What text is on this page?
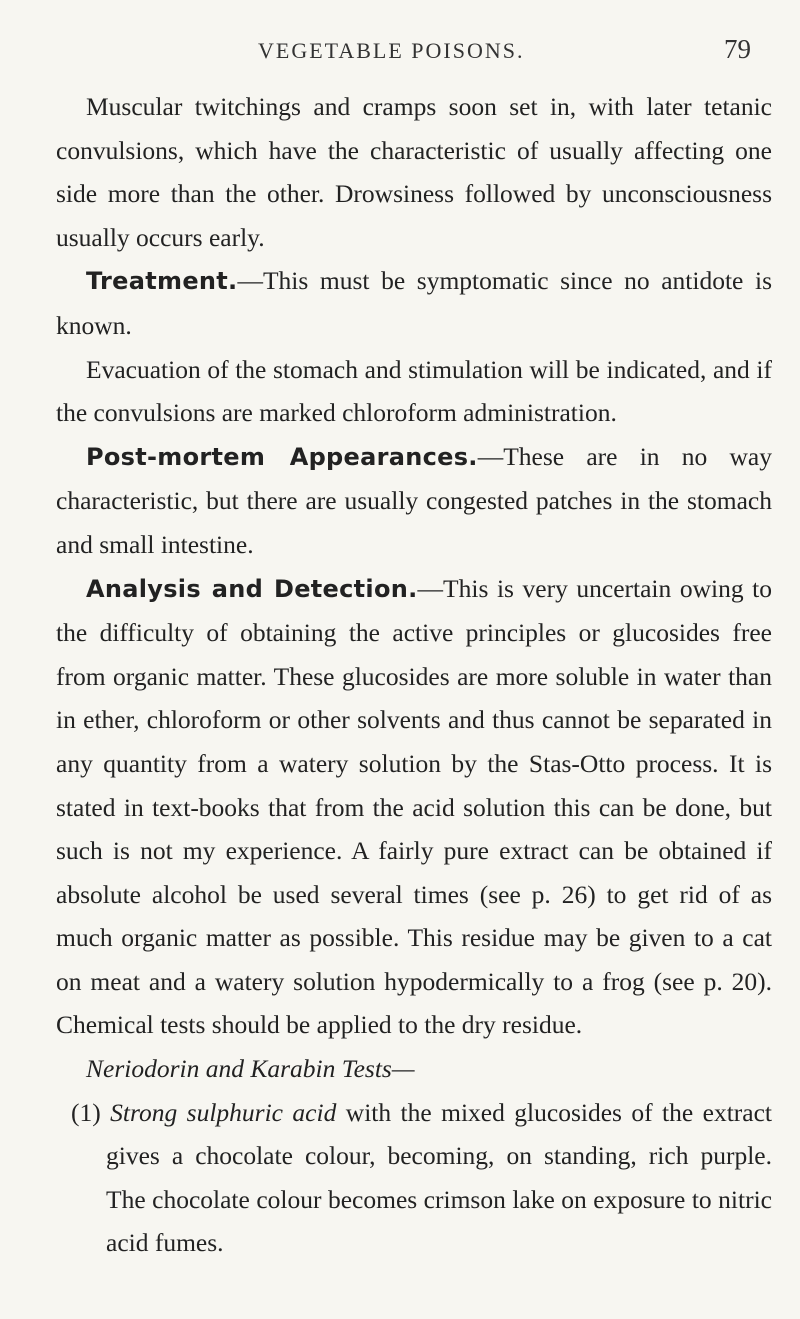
VEGETABLE POISONS.	79

Muscular twitchings and cramps soon set in, with later tetanic convulsions, which have the characteristic of usually affecting one side more than the other. Drowsiness followed by unconsciousness usually occurs early.

Treatment.—This must be symptomatic since no antidote is known.

Evacuation of the stomach and stimulation will be indicated, and if the convulsions are marked chloroform administration.

Post-mortem Appearances.—These are in no way characteristic, but there are usually congested patches in the stomach and small intestine.

Analysis and Detection.—This is very uncertain owing to the difficulty of obtaining the active principles or glucosides free from organic matter. These glucosides are more soluble in water than in ether, chloroform or other solvents and thus cannot be separated in any quantity from a watery solution by the Stas-Otto process. It is stated in text-books that from the acid solution this can be done, but such is not my experience. A fairly pure extract can be obtained if absolute alcohol be used several times (see p. 26) to get rid of as much organic matter as possible. This residue may be given to a cat on meat and a watery solution hypodermically to a frog (see p. 20). Chemical tests should be applied to the dry residue.

Neriodorin and Karabin Tests—

(1) Strong sulphuric acid with the mixed glucosides of the extract gives a chocolate colour, becoming, on standing, rich purple. The chocolate colour becomes crimson lake on exposure to nitric acid fumes.
